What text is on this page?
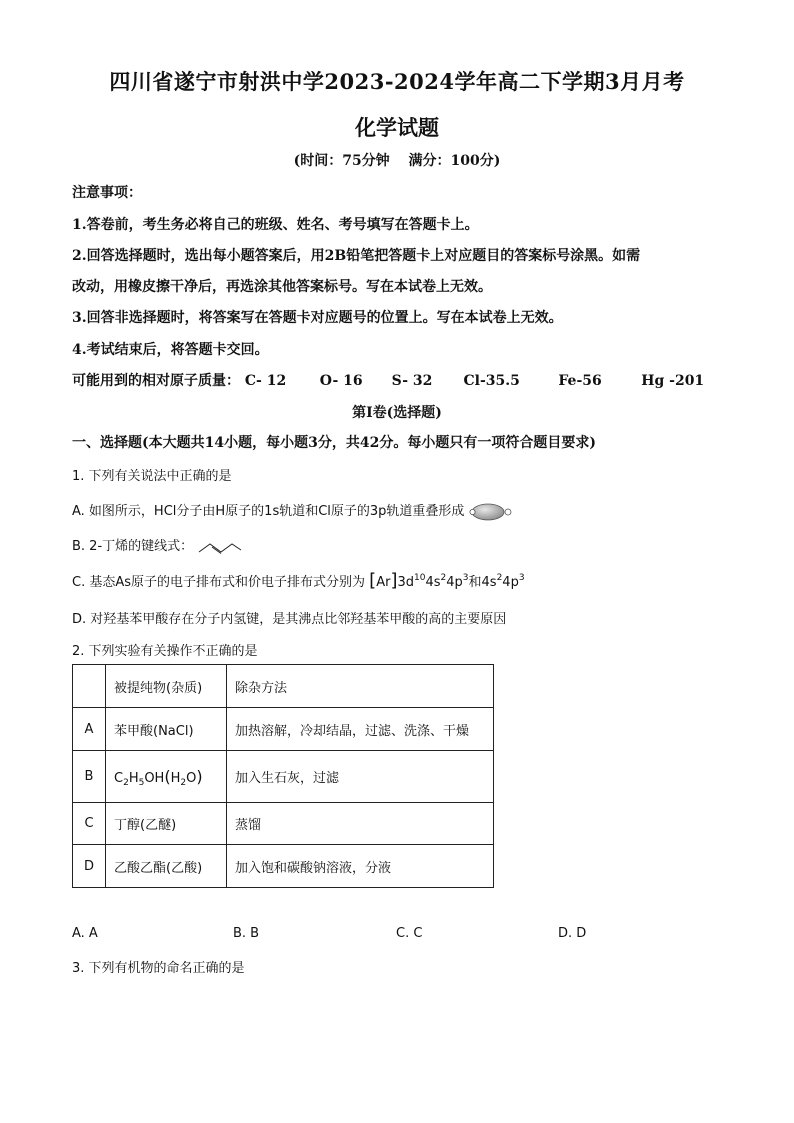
四川省遂宁市射洪中学2023-2024学年高二下学期3月月考
化学试题
(时间：75分钟　 满分：100分)
注意事项：
1.答卷前，考生务必将自己的班级、姓名、考号填写在答题卡上。
2.回答选择题时，选出每小题答案后，用2B铅笔把答题卡上对应题目的答案标号涂黑。如需
改动，用橡皮擦干净后，再选涂其他答案标号。写在本试卷上无效。
3.回答非选择题时，将答案写在答题卡对应题号的位置上。写在本试卷上无效。
4.考试结束后，将答题卡交回。
可能用到的相对原子质量： C- 12 O- 16 S- 32 Cl-35.5	Fe-56	Hg -201
第I卷(选择题)
一、选择题(本大题共14小题，每小题3分，共42分。每小题只有一项符合题目要求)
1. 下列有关说法中正确的是
A. 如图所示，HCl分子由H原子的1s轨道和Cl原子的3p轨道重叠形成
B. 2-丁烯的键线式：
C. 基态As原子的电子排布式和价电子排布式分别为 $[Ar]3d^{10}4s^24p^3$和$4s^24p^3$
D. 对羟基苯甲酸存在分子内氢键，是其沸点比邻羟基苯甲酸的高的主要原因
2. 下列实验有关操作不正确的是
	被提纯物(杂质)	除杂方法
A	苯甲酸(NaCl)	加热溶解，冷却结晶，过滤、洗涤、干燥
B	$C_2H_5OH(H_2O)$	加入生石灰，过滤
C	丁醇(乙醚)	蒸馏
D	乙酸乙酯(乙酸)	加入饱和碳酸钠溶液，分液
A. A	B. B	C. C	D. D
3. 下列有机物的命名正确的是
